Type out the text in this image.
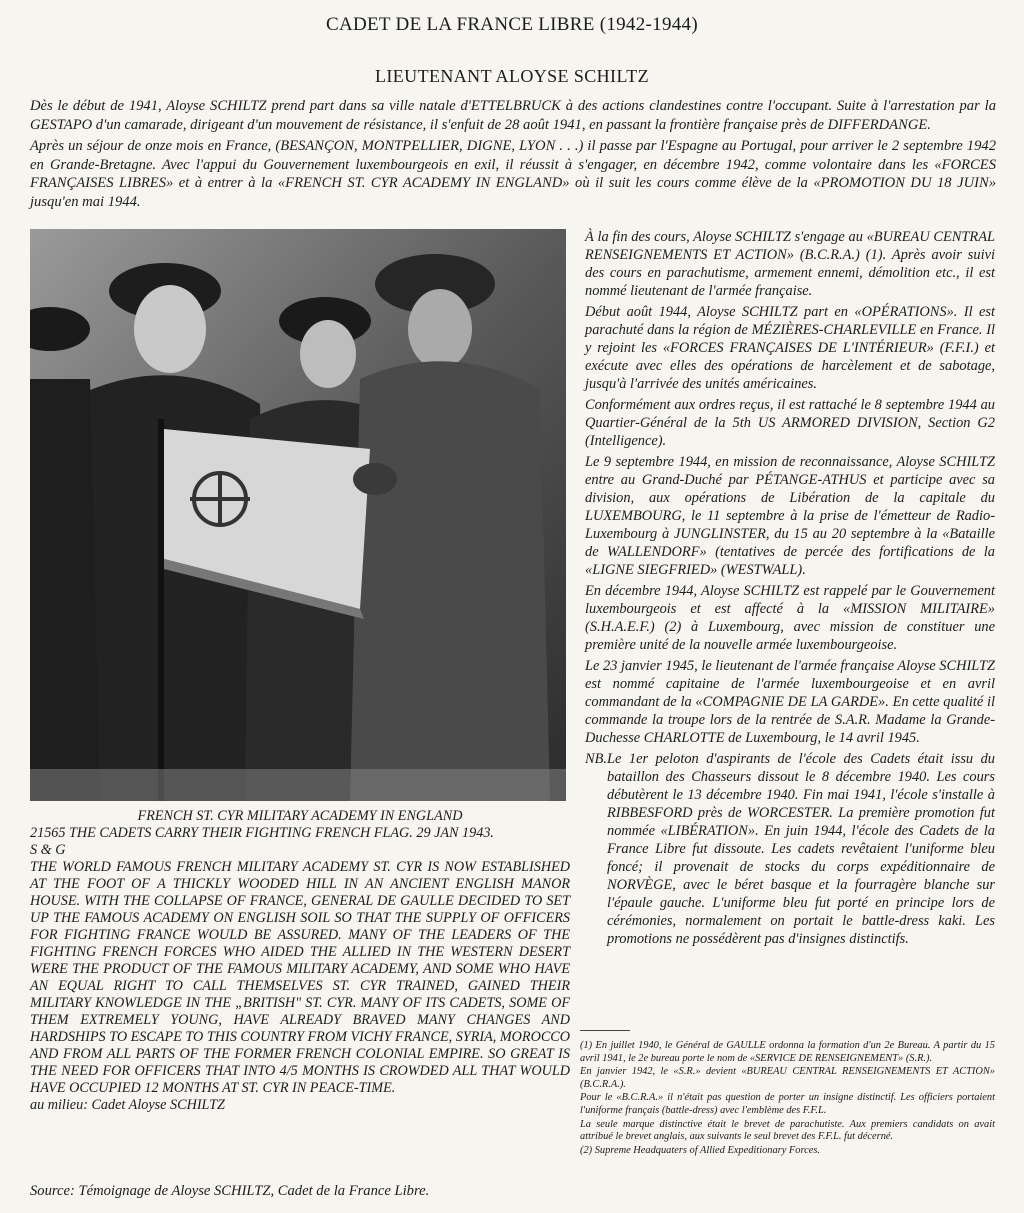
CADET DE LA FRANCE LIBRE (1942-1944)
LIEUTENANT ALOYSE SCHILTZ

Dès le début de 1941, Aloyse SCHILTZ prend part dans sa ville natale d'ETTELBRUCK à des actions clandestines contre l'occupant. Suite à l'arrestation par la GESTAPO d'un camarade, dirigeant d'un mouvement de résistance, il s'enfuit de 28 août 1941, en passant la frontière française près de DIFFERDANGE.

Après un séjour de onze mois en France, (BESANÇON, MONTPELLIER, DIGNE, LYON . . .) il passe par l'Espagne au Portugal, pour arriver le 2 septembre 1942 en Grande-Bretagne. Avec l'appui du Gouvernement luxembourgeois en exil, il réussit à s'engager, en décembre 1942, comme volontaire dans les «FORCES FRANÇAISES LIBRES» et à entrer à la «FRENCH ST. CYR ACADEMY IN ENGLAND» où il suit les cours comme élève de la «PROMOTION DU 18 JUIN» jusqu'en mai 1944.

FRENCH ST. CYR MILITARY ACADEMY IN ENGLAND
21565 THE CADETS CARRY THEIR FIGHTING FRENCH FLAG. 29 JAN 1943.
S & G
THE WORLD FAMOUS FRENCH MILITARY ACADEMY ST. CYR IS NOW ESTABLISHED AT THE FOOT OF A THICKLY WOODED HILL IN AN ANCIENT ENGLISH MANOR HOUSE. WITH THE COLLAPSE OF FRANCE, GENERAL DE GAULLE DECIDED TO SET UP THE FAMOUS ACADEMY ON ENGLISH SOIL SO THAT THE SUPPLY OF OFFICERS FOR FIGHTING FRANCE WOULD BE ASSURED. MANY OF THE LEADERS OF THE FIGHTING FRENCH FORCES WHO AIDED THE ALLIED IN THE WESTERN DESERT WERE THE PRODUCT OF THE FAMOUS MILITARY ACADEMY, AND SOME WHO HAVE AN EQUAL RIGHT TO CALL THEMSELVES ST. CYR TRAINED, GAINED THEIR MILITARY KNOWLEDGE IN THE „BRITISH" ST. CYR. MANY OF ITS CADETS, SOME OF THEM EXTREMELY YOUNG, HAVE ALREADY BRAVED MANY CHANGES AND HARDSHIPS TO ESCAPE TO THIS COUNTRY FROM VICHY FRANCE, SYRIA, MOROCCO AND FROM ALL PARTS OF THE FORMER FRENCH COLONIAL EMPIRE. SO GREAT IS THE NEED FOR OFFICERS THAT INTO 4/5 MONTHS IS CROWDED ALL THAT WOULD HAVE OCCUPIED 12 MONTHS AT ST. CYR IN PEACE-TIME.
au milieu: Cadet Aloyse SCHILTZ
Source: Témoignage de Aloyse SCHILTZ, Cadet de la France Libre.

À la fin des cours, Aloyse SCHILTZ s'engage au «BUREAU CENTRAL RENSEIGNEMENTS ET ACTION» (B.C.R.A.) (1). Après avoir suivi des cours en parachutisme, armement ennemi, démolition etc., il est nommé lieutenant de l'armée française.

Début août 1944, Aloyse SCHILTZ part en «OPÉRATIONS». Il est parachuté dans la région de MÉZIÈRES-CHARLEVILLE en France. Il y rejoint les «FORCES FRANÇAISES DE L'INTÉRIEUR» (F.F.I.) et exécute avec elles des opérations de harcèlement et de sabotage, jusqu'à l'arrivée des unités américaines.

Conformément aux ordres reçus, il est rattaché le 8 septembre 1944 au Quartier-Général de la 5th US ARMORED DIVISION, Section G2 (Intelligence).

Le 9 septembre 1944, en mission de reconnaissance, Aloyse SCHILTZ entre au Grand-Duché par PÉTANGE-ATHUS et participe avec sa division, aux opérations de Libération de la capitale du LUXEMBOURG, le 11 septembre à la prise de l'émetteur de Radio-Luxembourg à JUNGLINSTER, du 15 au 20 septembre à la «Bataille de WALLENDORF» (tentatives de percée des fortifications de la «LIGNE SIEGFRIED» (WESTWALL).

En décembre 1944, Aloyse SCHILTZ est rappelé par le Gouvernement luxembourgeois et est affecté à la «MISSION MILITAIRE» (S.H.A.E.F.) (2) à Luxembourg, avec mission de constituer une première unité de la nouvelle armée luxembourgeoise.

Le 23 janvier 1945, le lieutenant de l'armée française Aloyse SCHILTZ est nommé capitaine de l'armée luxembourgeoise et en avril commandant de la «COMPAGNIE DE LA GARDE». En cette qualité il commande la troupe lors de la rentrée de S.A.R. Madame la Grande-Duchesse CHARLOTTE de Luxembourg, le 14 avril 1945.

NB. Le 1er peloton d'aspirants de l'école des Cadets était issu du bataillon des Chasseurs dissout le 8 décembre 1940. Les cours débutèrent le 13 décembre 1940. Fin mai 1941, l'école s'installe à RIBBESFORD près de WORCESTER. La première promotion fut nommée «LIBÉRATION». En juin 1944, l'école des Cadets de la France Libre fut dissoute. Les cadets revêtaient l'uniforme bleu foncé; il provenait de stocks du corps expéditionnaire de NORVÈGE, avec le béret basque et la fourragère blanche sur l'épaule gauche. L'uniforme bleu fut porté en principe lors de cérémonies, normalement on portait le battle-dress kaki. Les promotions ne possédèrent pas d'insignes distinctifs.

(1) En juillet 1940, le Général de GAULLE ordonna la formation d'un 2e Bureau. A partir du 15 avril 1941, le 2e bureau porte le nom de «SERVICE DE RENSEIGNEMENT» (S.R.).

En janvier 1942, le «S.R.» devient «BUREAU CENTRAL RENSEIGNEMENTS ET ACTION» (B.C.R.A.).

Pour le «B.C.R.A.» il n'était pas question de porter un insigne distinctif. Les officiers portaient l'uniforme français (battle-dress) avec l'emblème des F.F.L.

La seule marque distinctive était le brevet de parachutiste. Aux premiers candidats on avait attribué le brevet anglais, aux suivants le seul brevet des F.F.L. fut décerné.

(2) Supreme Headquaters of Allied Expeditionary Forces.
